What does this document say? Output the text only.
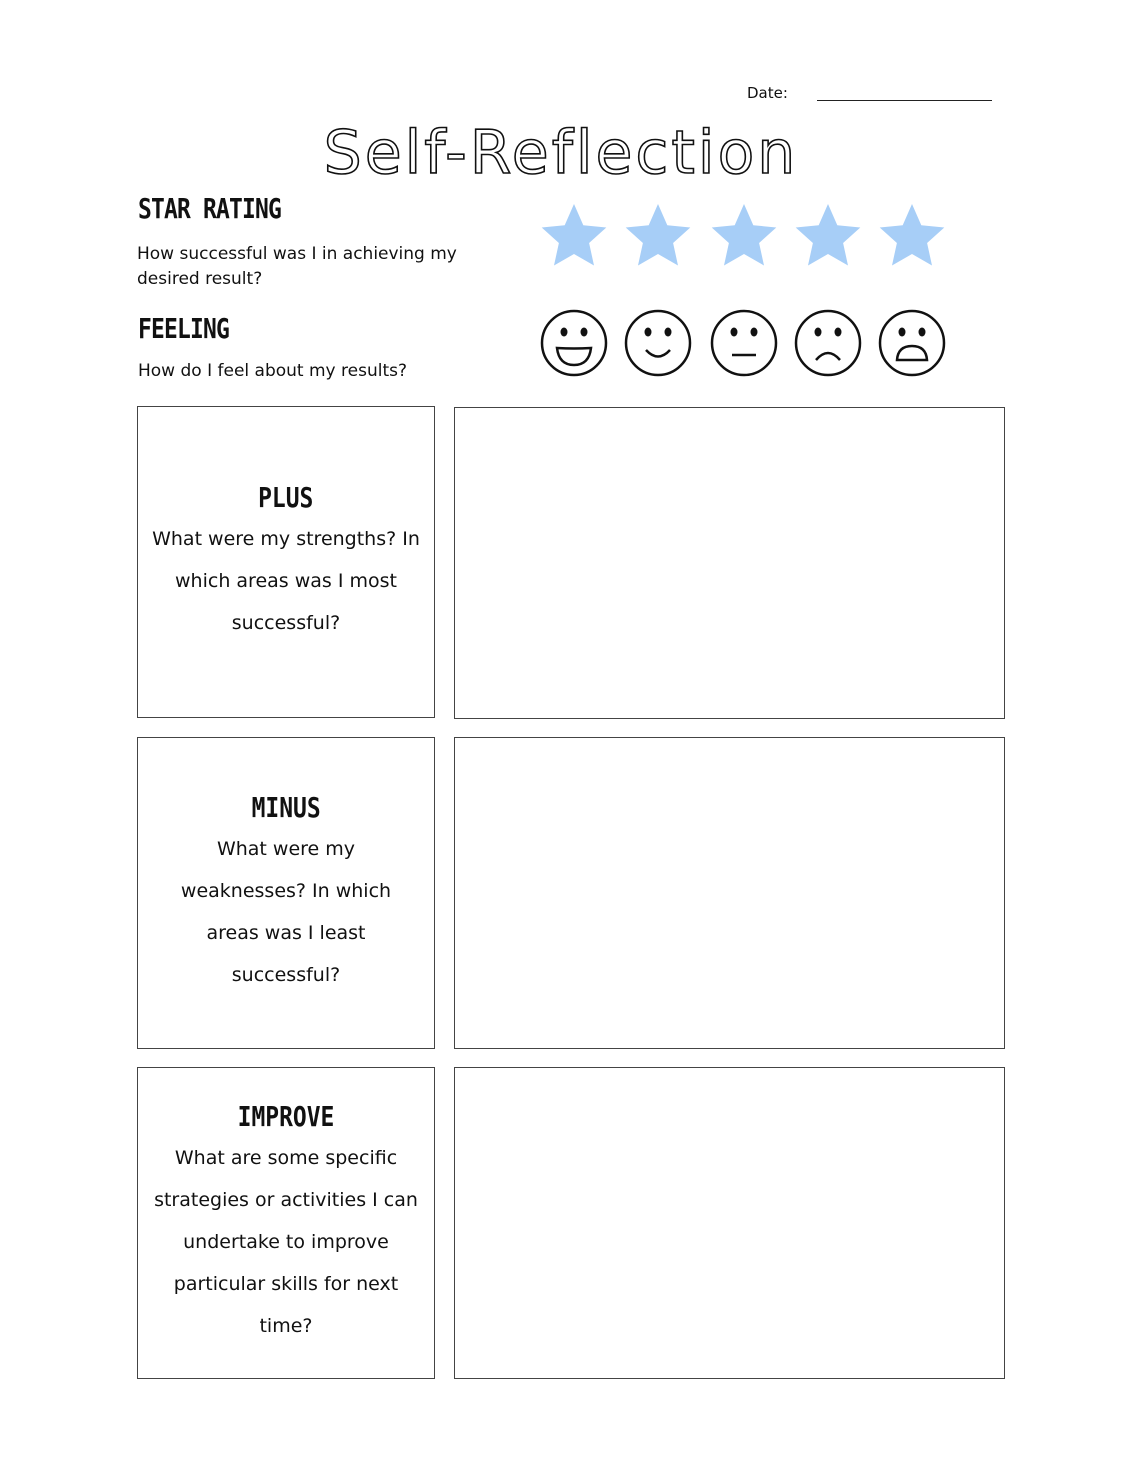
Date:
Self-Reflection
STAR RATING
How successful was I in achieving my desired result?
FEELING
How do I feel about my results?
PLUS
What were my strengths? In which areas was I most successful?
MINUS
What were my weaknesses? In which areas was I least successful?
IMPROVE
What are some specific strategies or activities I can undertake to improve particular skills for next time?
